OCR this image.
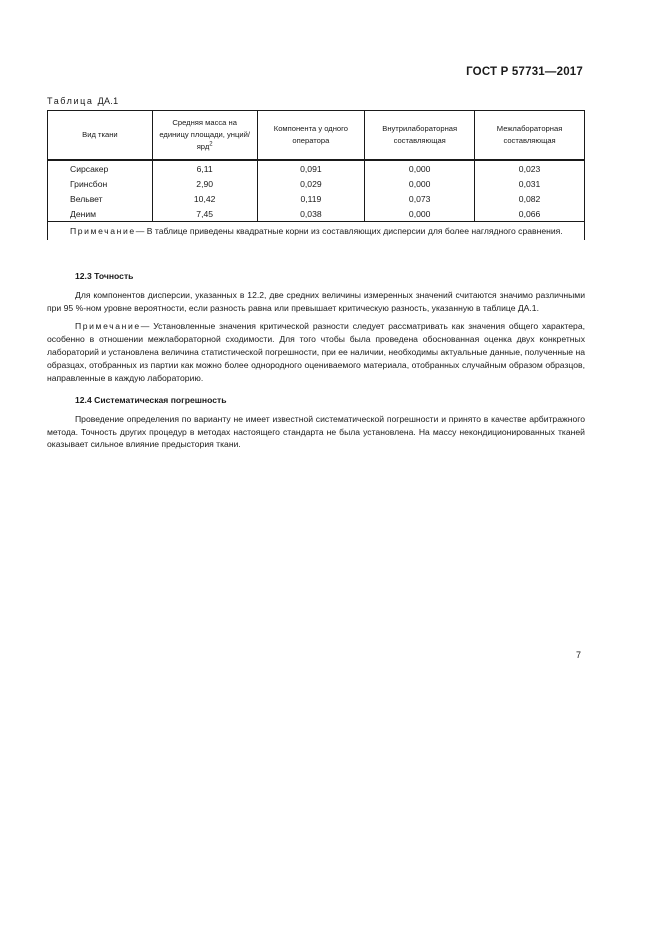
ГОСТ Р 57731—2017
Таблица ДА.1
Вид ткани	Средняя масса на единицу площади, унций/ярд$^2$	Компонента у одного оператора	Внутрилабораторная составляющая	Межлабораторная составляющая
Сирсакер	6,11	0,091	0,000	0,023
Гринсбон	2,90	0,029	0,000	0,031
Вельвет	10,42	0,119	0,073	0,082
Деним	7,45	0,038	0,000	0,066
Примечание— В таблице приведены квадратные корни из составляющих дисперсии для более наглядного сравнения.				
12.3 Точность

Для компонентов дисперсии, указанных в 12.2, две средних величины измеренных значений считаются значимо различными при 95 %-ном уровне вероятности, если разность равна или превышает критическую разность, указанную в таблице ДА.1.

Примечание— Установленные значения критической разности следует рассматривать как значения общего характера, особенно в отношении межлабораторной сходимости. Для того чтобы была проведена обоснованная оценка двух конкретных лабораторий и установлена величина статистической погрешности, при ее наличии, необходимы актуальные данные, полученные на образцах, отобранных из партии как можно более однородного оцениваемого материала, отобранных случайным образом образцов, направленные в каждую лабораторию.

12.4 Систематическая погрешность

Проведение определения по варианту не имеет известной систематической погрешности и принято в качестве арбитражного метода. Точность других процедур в методах настоящего стандарта не была установлена. На массу некондиционированных тканей оказывает сильное влияние предыстория ткани.

7
